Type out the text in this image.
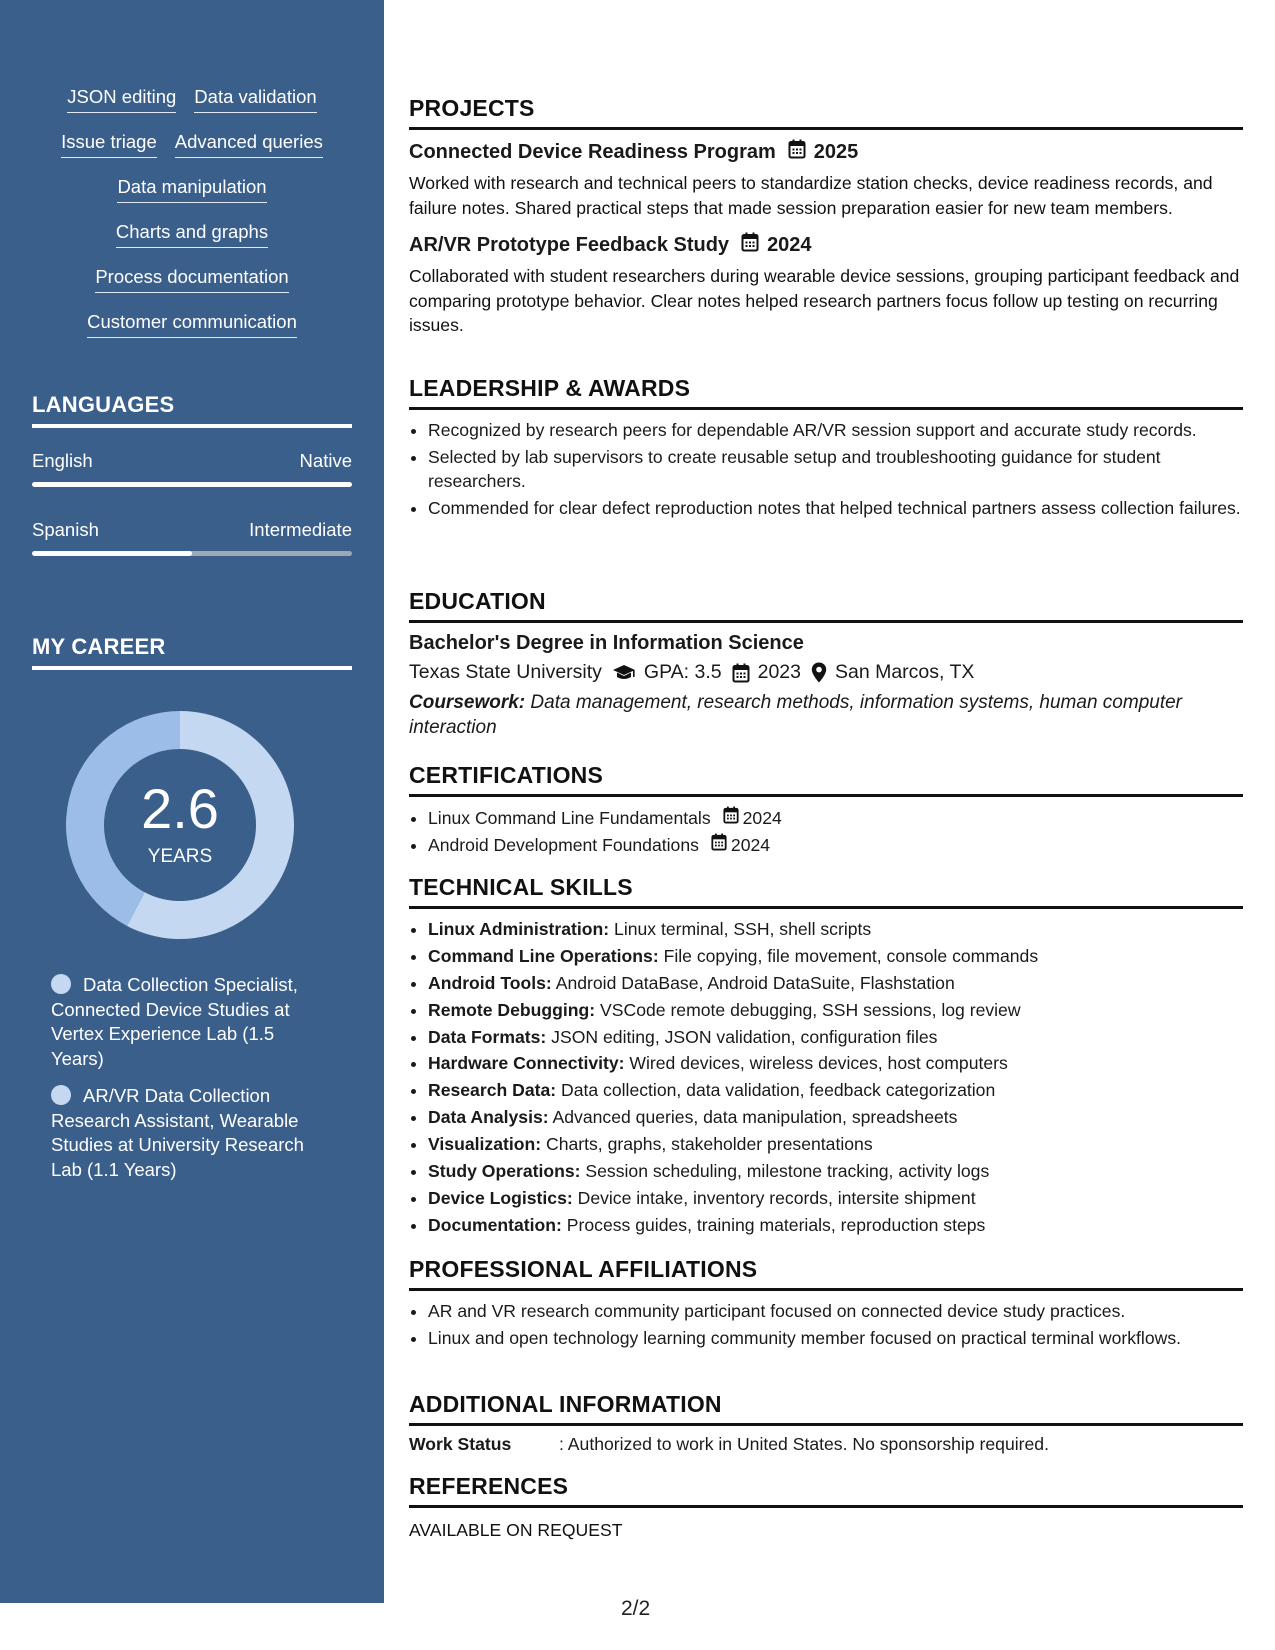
JSON editing Data validation
Issue triage Advanced queries
Data manipulation
Charts and graphs
Process documentation
Customer communication
LANGUAGES
English	Native
Spanish	Intermediate
MY CAREER
2.6
YEARS
Data Collection Specialist, Connected Device Studies at Vertex Experience Lab (1.5 Years)
AR/VR Data Collection Research Assistant, Wearable Studies at University Research Lab (1.1 Years)
PROJECTS
Connected Device Readiness Program 2025
Worked with research and technical peers to standardize station checks, device readiness records, and failure notes. Shared practical steps that made session preparation easier for new team members.
AR/VR Prototype Feedback Study 2024
Collaborated with student researchers during wearable device sessions, grouping participant feedback and comparing prototype behavior. Clear notes helped research partners focus follow up testing on recurring issues.
LEADERSHIP & AWARDS
• Recognized by research peers for dependable AR/VR session support and accurate study records.
• Selected by lab supervisors to create reusable setup and troubleshooting guidance for student researchers.
• Commended for clear defect reproduction notes that helped technical partners assess collection failures.
EDUCATION
Bachelor's Degree in Information Science
Texas State University GPA: 3.5 2023 San Marcos, TX
Coursework: Data management, research methods, information systems, human computer interaction
CERTIFICATIONS
• Linux Command Line Fundamentals 2024
• Android Development Foundations 2024
TECHNICAL SKILLS
• Linux Administration: Linux terminal, SSH, shell scripts
• Command Line Operations: File copying, file movement, console commands
• Android Tools: Android DataBase, Android DataSuite, Flashstation
• Remote Debugging: VSCode remote debugging, SSH sessions, log review
• Data Formats: JSON editing, JSON validation, configuration files
• Hardware Connectivity: Wired devices, wireless devices, host computers
• Research Data: Data collection, data validation, feedback categorization
• Data Analysis: Advanced queries, data manipulation, spreadsheets
• Visualization: Charts, graphs, stakeholder presentations
• Study Operations: Session scheduling, milestone tracking, activity logs
• Device Logistics: Device intake, inventory records, intersite shipment
• Documentation: Process guides, training materials, reproduction steps
PROFESSIONAL AFFILIATIONS
• AR and VR research community participant focused on connected device study practices.
• Linux and open technology learning community member focused on practical terminal workflows.
ADDITIONAL INFORMATION
Work Status	: Authorized to work in United States. No sponsorship required.
REFERENCES
AVAILABLE ON REQUEST
2/2
